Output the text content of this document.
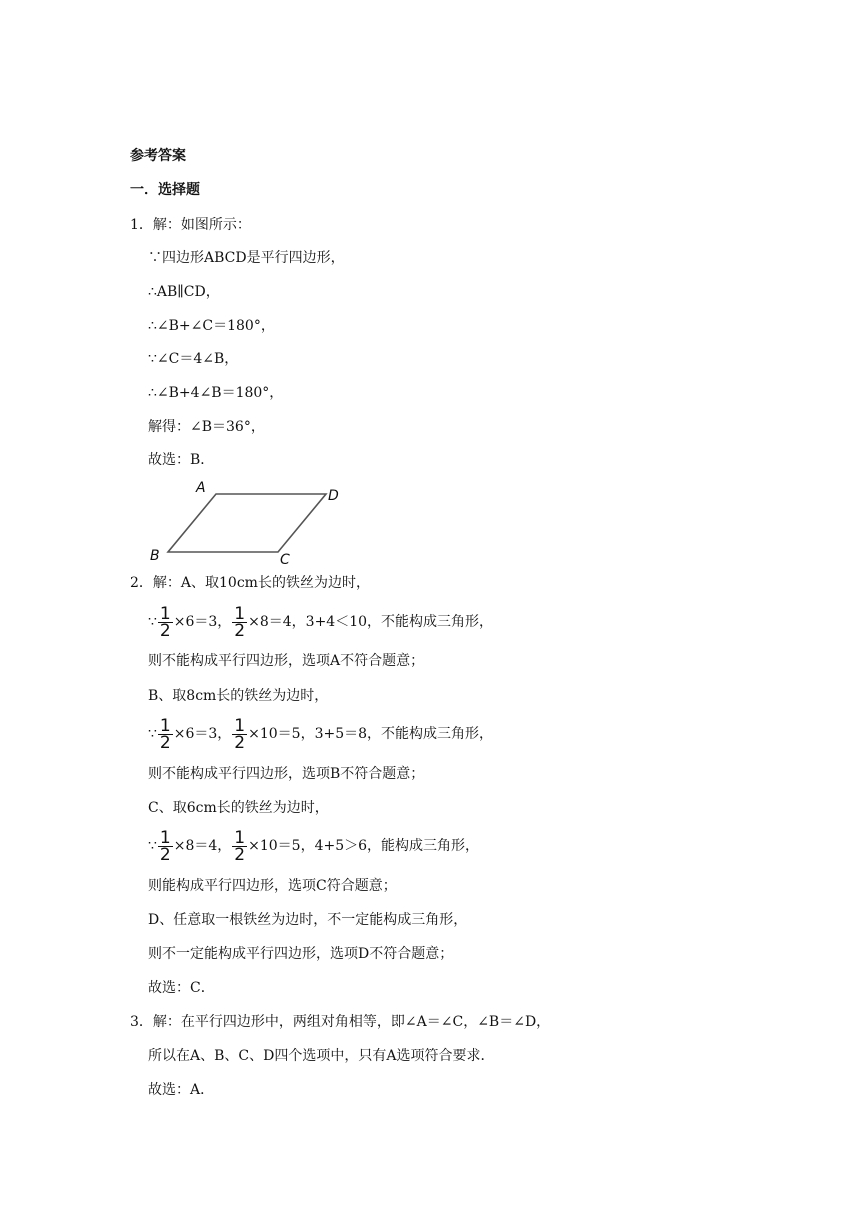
参考答案
一．选择题
1．解：如图所示：
∵四边形ABCD是平行四边形，
∴AB∥CD，
∴∠B+∠C＝180°，
∵∠C＝4∠B，
∴∠B+4∠B＝180°，
解得：∠B＝36°，
故选：B．
A	D
B	C
2．解：A、取10cm长的铁丝为边时，
∵ $\frac{1}{2} \times 6=3$， $\frac{1}{2} \times 8=4$，3+4＜10，不能构成三角形，
则不能构成平行四边形，选项A不符合题意；
B、取8cm长的铁丝为边时，
∵ $\frac{1}{2} \times 6=3$， $\frac{1}{2} \times 10=5$，3+5＝8，不能构成三角形，
则不能构成平行四边形，选项B不符合题意；
C、取6cm长的铁丝为边时，
∵ $\frac{1}{2} \times 8=4$， $\frac{1}{2} \times 10=5$，4+5＞6，能构成三角形，
则能构成平行四边形，选项C符合题意；
D、任意取一根铁丝为边时，不一定能构成三角形，
则不一定能构成平行四边形，选项D不符合题意；
故选：C．
3．解：在平行四边形中，两组对角相等，即∠A＝∠C，∠B＝∠D，
所以在A、B、C、D四个选项中，只有A选项符合要求．
故选：A．
